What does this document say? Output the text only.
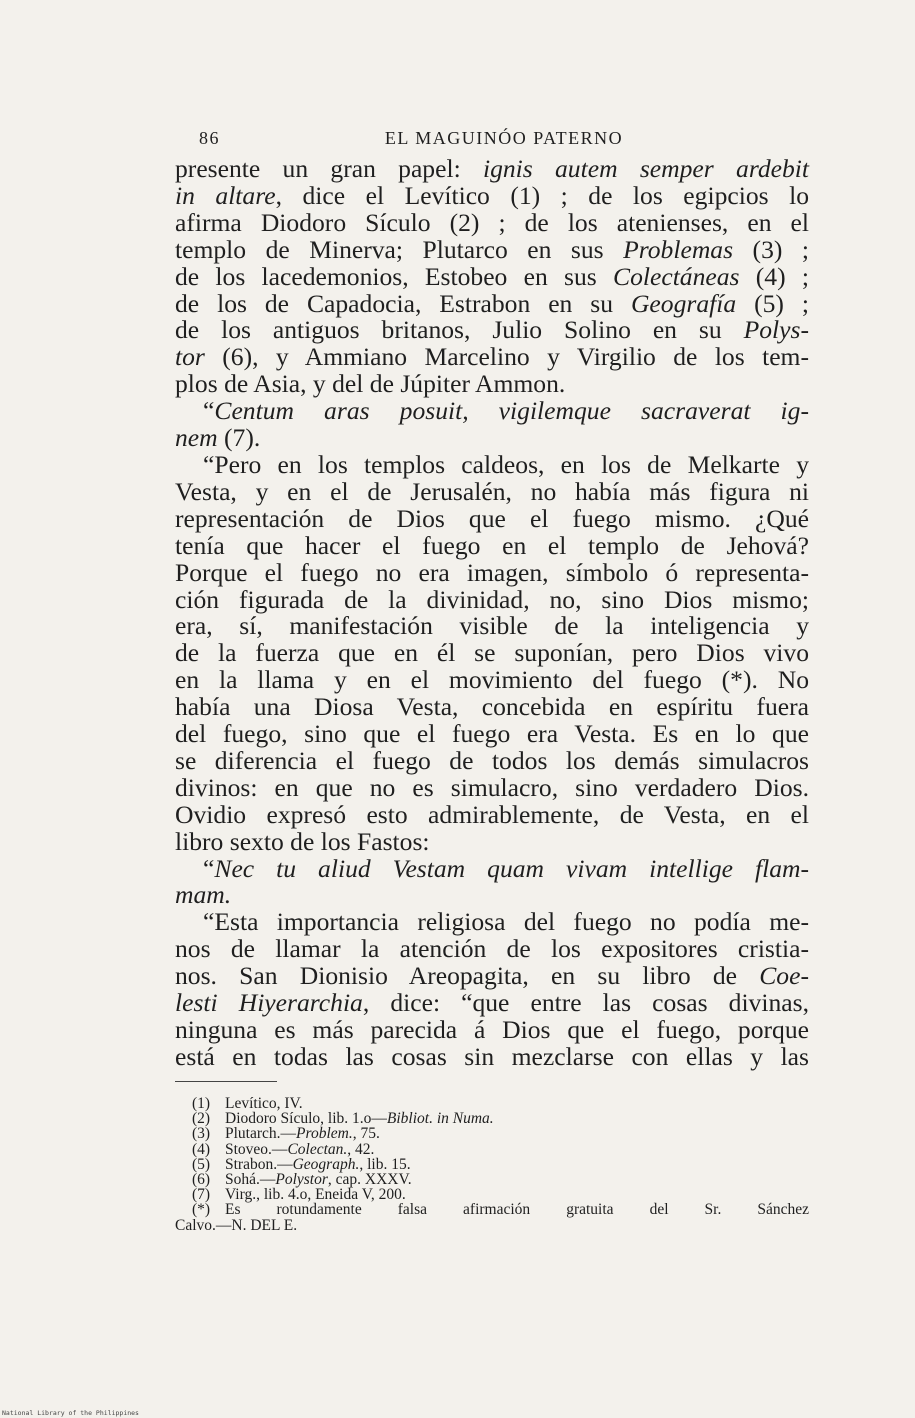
86	EL MAGUINÓO PATERNO
presente un gran papel: ignis autem semper ardebit
in altare, dice el Levítico (1) ; de los egipcios lo
afirma Diodoro Sículo (2) ; de los atenienses, en el
templo de Minerva; Plutarco en sus Problemas (3) ;
de los lacedemonios, Estobeo en sus Colectáneas (4) ;
de los de Capadocia, Estrabon en su Geografía (5) ;
de los antiguos britanos, Julio Solino en su Polys-
tor (6), y Ammiano Marcelino y Virgilio de los tem-
plos de Asia, y del de Júpiter Ammon.
“Centum aras posuit, vigilemque sacraverat ig-
nem (7).
“Pero en los templos caldeos, en los de Melkarte y
Vesta, y en el de Jerusalén, no había más figura ni
representación de Dios que el fuego mismo. ¿Qué
tenía que hacer el fuego en el templo de Jehová?
Porque el fuego no era imagen, símbolo ó representa-
ción figurada de la divinidad, no, sino Dios mismo;
era, sí, manifestación visible de la inteligencia y
de la fuerza que en él se suponían, pero Dios vivo
en la llama y en el movimiento del fuego (*). No
había una Diosa Vesta, concebida en espíritu fuera
del fuego, sino que el fuego era Vesta. Es en lo que
se diferencia el fuego de todos los demás simulacros
divinos: en que no es simulacro, sino verdadero Dios.
Ovidio expresó esto admirablemente, de Vesta, en el
libro sexto de los Fastos:
“Nec tu aliud Vestam quam vivam intellige flam-
mam.
“Esta importancia religiosa del fuego no podía me-
nos de llamar la atención de los expositores cristia-
nos. San Dionisio Areopagita, en su libro de Coe-
lesti Hiyerarchia, dice: “que entre las cosas divinas,
ninguna es más parecida á Dios que el fuego, porque
está en todas las cosas sin mezclarse con ellas y las
(1) Levítico, IV.
(2) Diodoro Sículo, lib. 1.o—Bibliot. in Numa.
(3) Plutarch.—Problem., 75.
(4) Stoveo.—Colectan., 42.
(5) Strabon.—Geograph., lib. 15.
(6) Sohá.—Polystor, cap. XXXV.
(7) Virg., lib. 4.o, Eneida V, 200.
(*) Es rotundamente falsa afirmación gratuita del Sr. Sánchez
Calvo.—N. DEL E.
National Library of the Philippines
